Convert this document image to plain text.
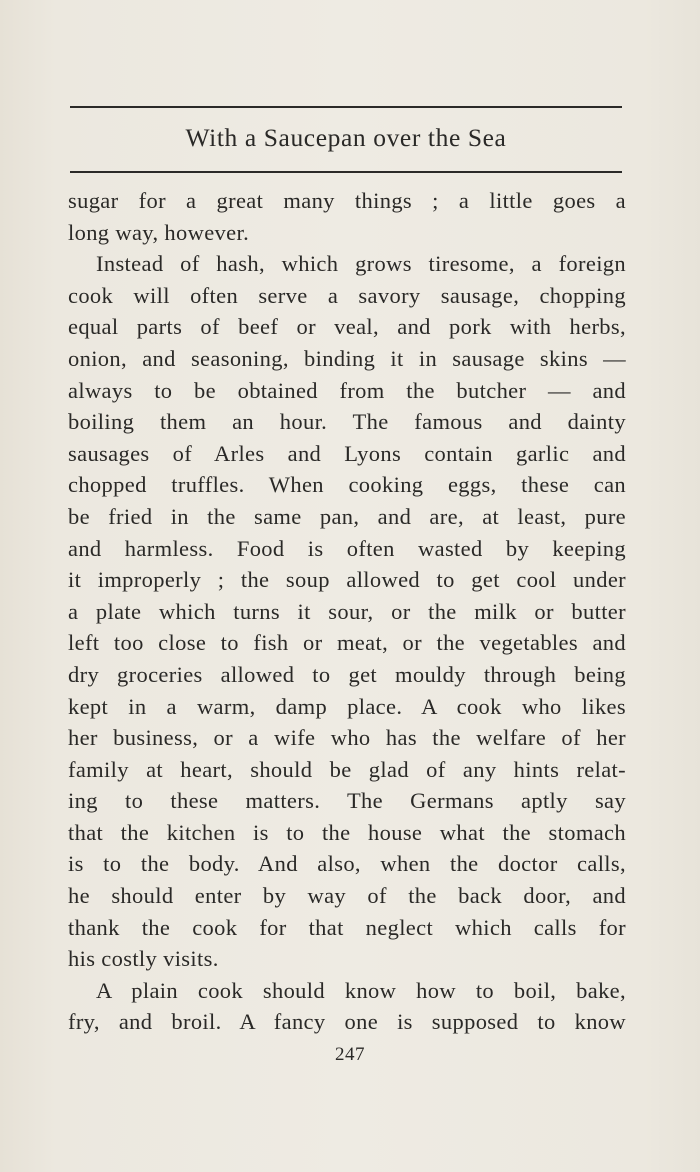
With a Saucepan over the Sea
sugar for a great many things ; a little goes a
long way, however.
Instead of hash, which grows tiresome, a foreign
cook will often serve a savory sausage, chopping
equal parts of beef or veal, and pork with herbs,
onion, and seasoning, binding it in sausage skins —
always to be obtained from the butcher — and
boiling them an hour. The famous and dainty
sausages of Arles and Lyons contain garlic and
chopped truffles. When cooking eggs, these can
be fried in the same pan, and are, at least, pure
and harmless. Food is often wasted by keeping
it improperly ; the soup allowed to get cool under
a plate which turns it sour, or the milk or butter
left too close to fish or meat, or the vegetables and
dry groceries allowed to get mouldy through being
kept in a warm, damp place. A cook who likes
her business, or a wife who has the welfare of her
family at heart, should be glad of any hints relat-
ing to these matters. The Germans aptly say
that the kitchen is to the house what the stomach
is to the body. And also, when the doctor calls,
he should enter by way of the back door, and
thank the cook for that neglect which calls for
his costly visits.
A plain cook should know how to boil, bake,
fry, and broil. A fancy one is supposed to know
247
